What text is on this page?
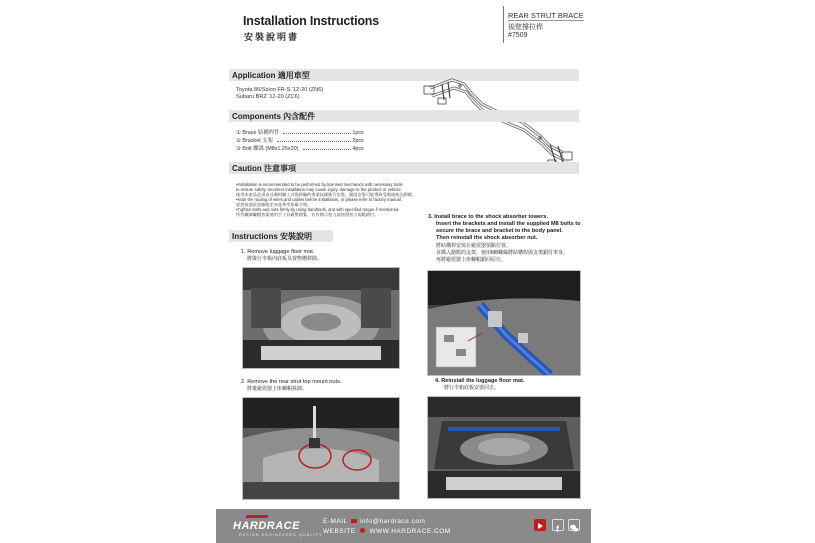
Installation Instructions
安裝說明書
REAR STRUT BRACE
後壁撐拉桿
#7509
Application 適用車型
Toyota 86/Scion FR-S '12-20 (ZN6)
Subaru BRZ '12-20 (ZC6)
Components 內含配件
① Brace 結構桿件	1pcs
② Bracket 支架	2pcs
③ Bolt 螺絲 (M8x1.25x20)	4pcs
Caution 注意事項
•Installation is recommended to be performed by licensed mechanics with necessary tools
to ensure safety. Incorrect installation may cause injury, damage to the product or vehicle.
使用本產品必須由具備相關工具與經驗的專業技師進行安裝，錯誤安裝可能導致受傷或產品損壞。
•Note the routing of wires and cables before installation, or please refer to factory manual.
安裝前請留意線路走向並參考原廠手冊。
•Tighten bolts and nuts firmly by using handtools, and with specified torque if mentioned.
所有螺絲螺帽皆需使用手工具確實鎖緊，若有標示扭力請依照扭力規範鎖付。
Instructions 安裝說明
1. Remove luggage floor mat.
將後行李箱內底板及置物槽移除。
2. Remove the rear strut top mount nuts.
將後避震器上座螺帽拆卸。
3. Install brace to the shock absorber towers.
Insert the brackets and install the supplied M8 bolts to
secure the brace and bracket to the body panel.
Then reinstall the shock absorber nut.
將結構桿安裝在避震器頂點位置。
並插入隨附的支架，使用M8螺絲將結構桿與支架鎖付車身，
再將避震器上座螺帽鎖回原位。
4. Reinstall the luggage floor mat.
將行李箱底板安裝回去。
HARDRACE
DESIGN ENGINEERED QUALITY
E-MAIL info@hardrace.com
WEBSITE WWW.HARDRACE.COM	f
